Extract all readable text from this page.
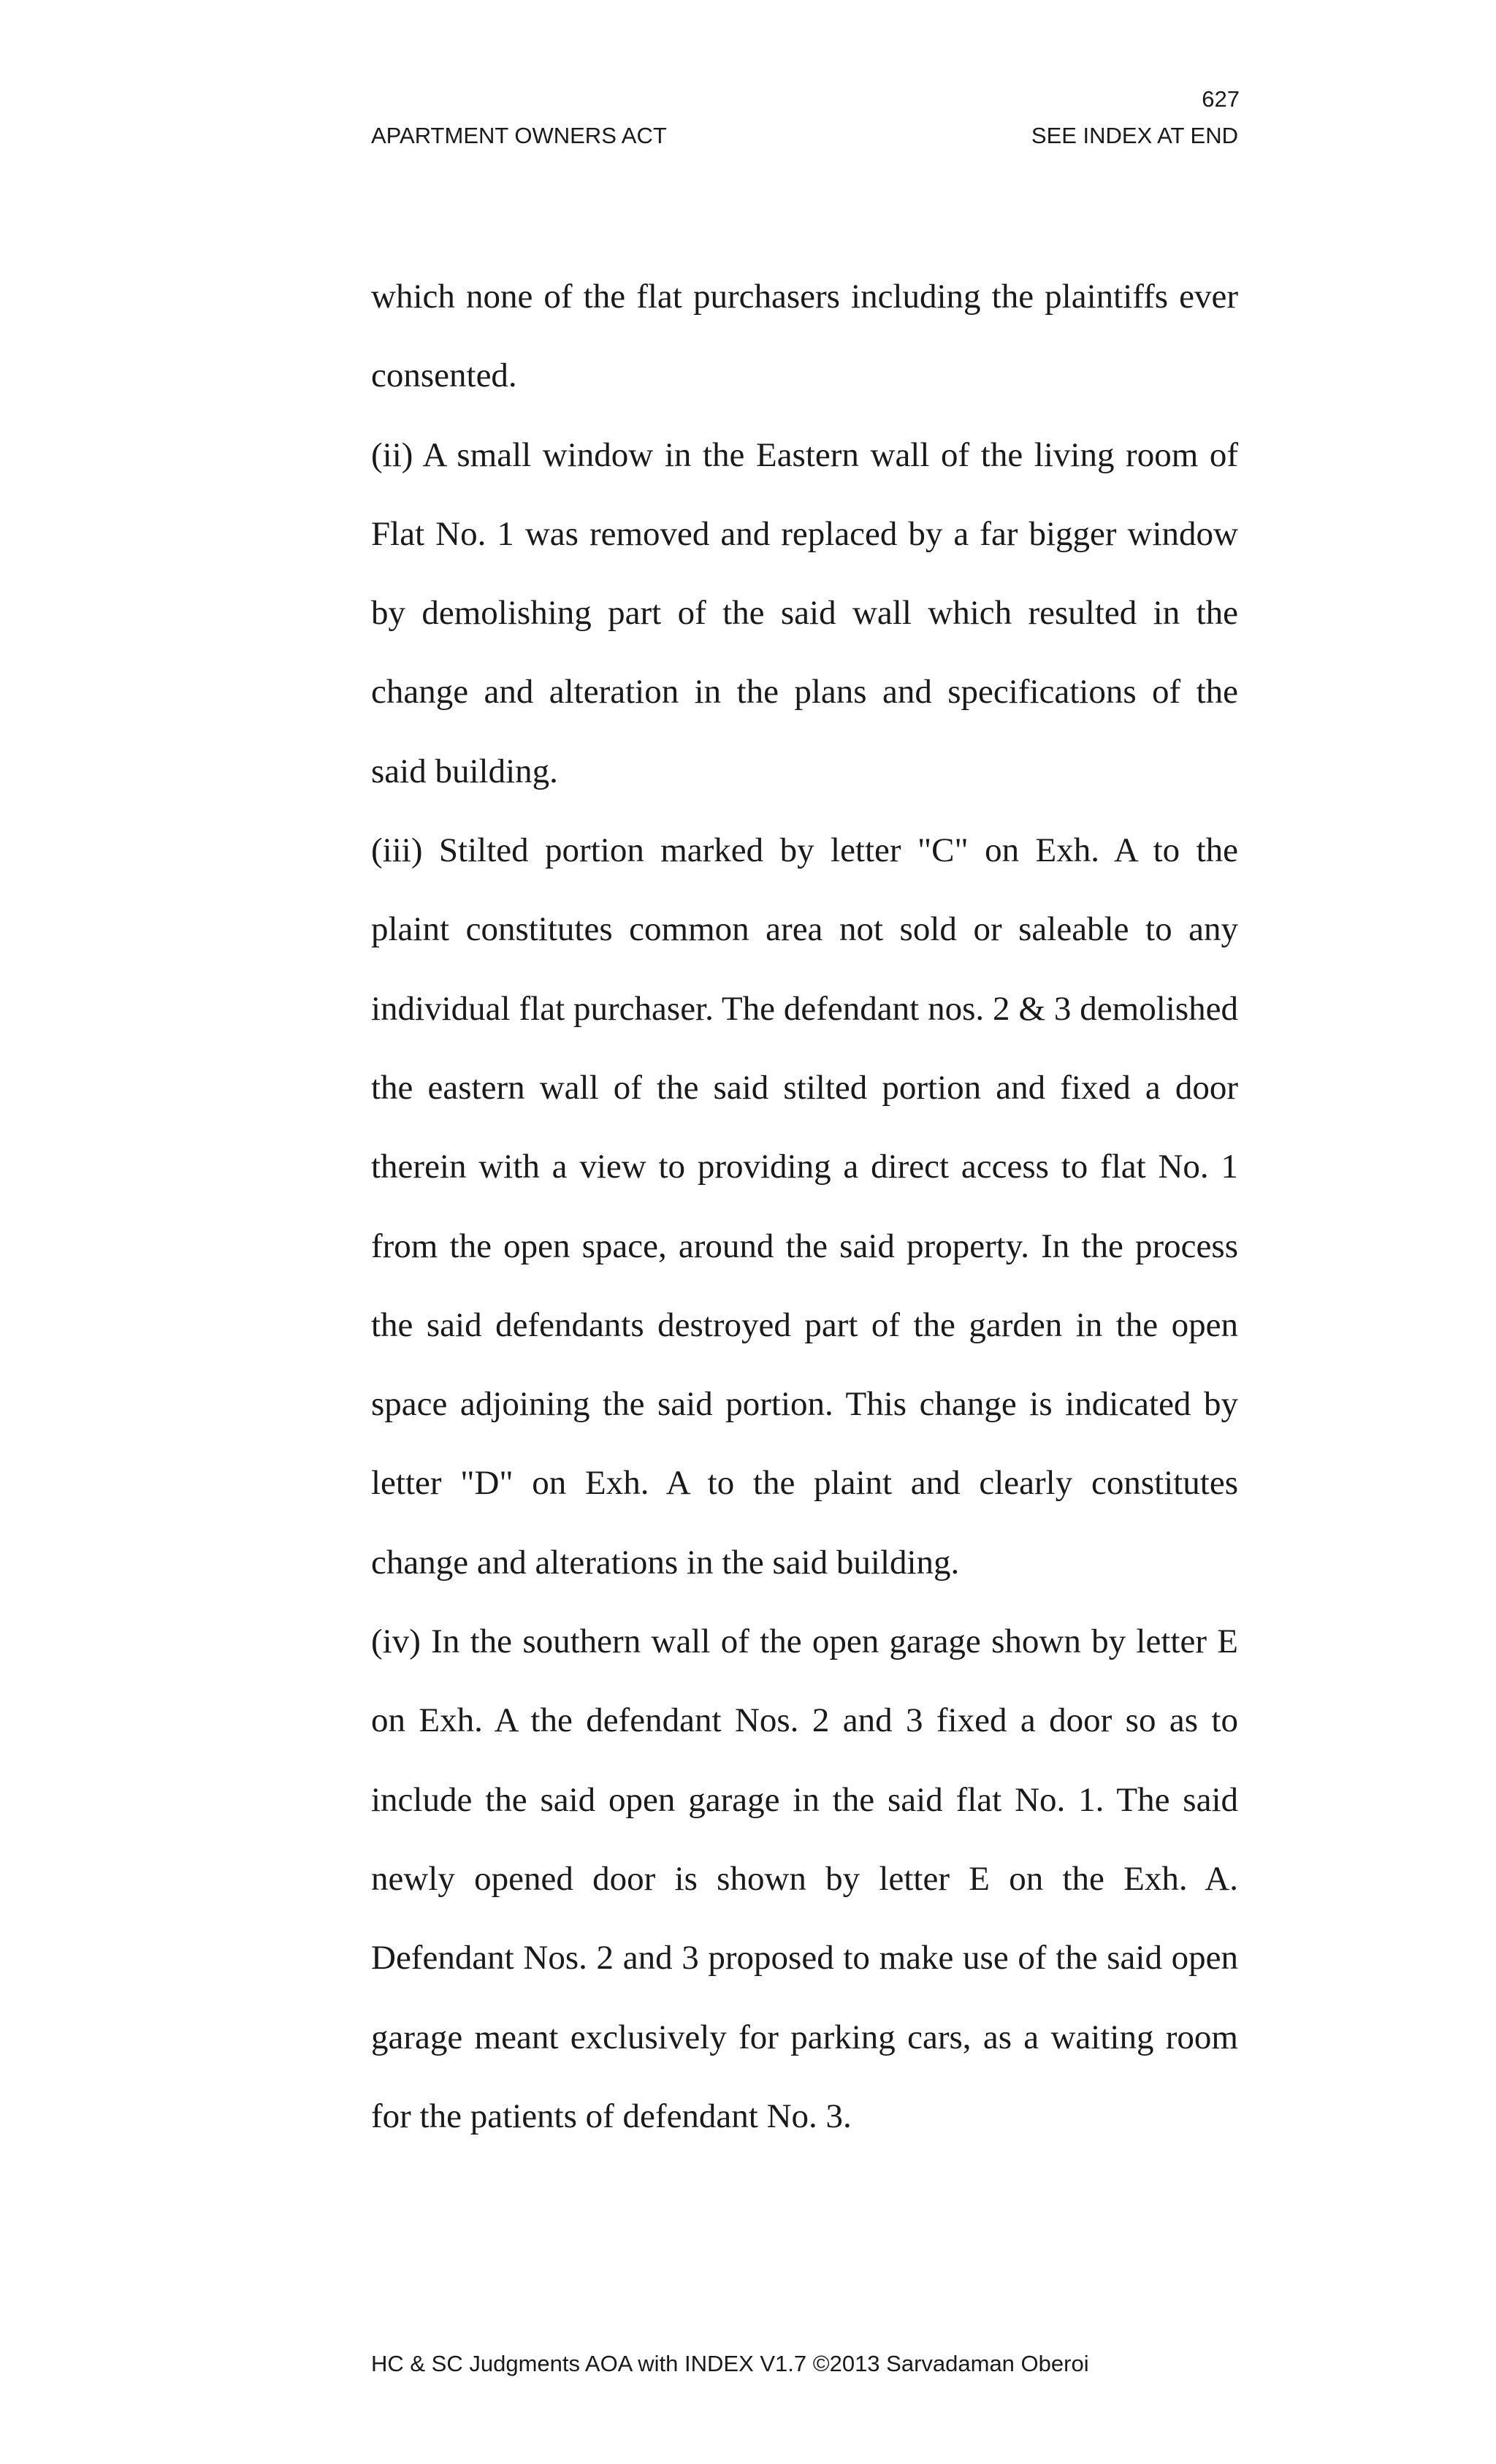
627
APARTMENT OWNERS ACT	SEE INDEX AT END

which none of the flat purchasers including the plaintiffs ever consented.

(ii) A small window in the Eastern wall of the living room of Flat No. 1 was removed and replaced by a far bigger window by demolishing part of the said wall which resulted in the change and alteration in the plans and specifications of the said building.

(iii) Stilted portion marked by letter "C" on Exh. A to the plaint constitutes common area not sold or saleable to any individual flat purchaser. The defendant nos. 2 & 3 demolished the eastern wall of the said stilted portion and fixed a door therein with a view to providing a direct access to flat No. 1 from the open space, around the said property. In the process the said defendants destroyed part of the garden in the open space adjoining the said portion. This change is indicated by letter "D" on Exh. A to the plaint and clearly constitutes change and alterations in the said building.

(iv) In the southern wall of the open garage shown by letter E on Exh. A the defendant Nos. 2 and 3 fixed a door so as to include the said open garage in the said flat No. 1. The said newly opened door is shown by letter E on the Exh. A. Defendant Nos. 2 and 3 proposed to make use of the said open garage meant exclusively for parking cars, as a waiting room for the patients of defendant No. 3.

HC & SC Judgments AOA with INDEX V1.7 ©2013 Sarvadaman Oberoi
